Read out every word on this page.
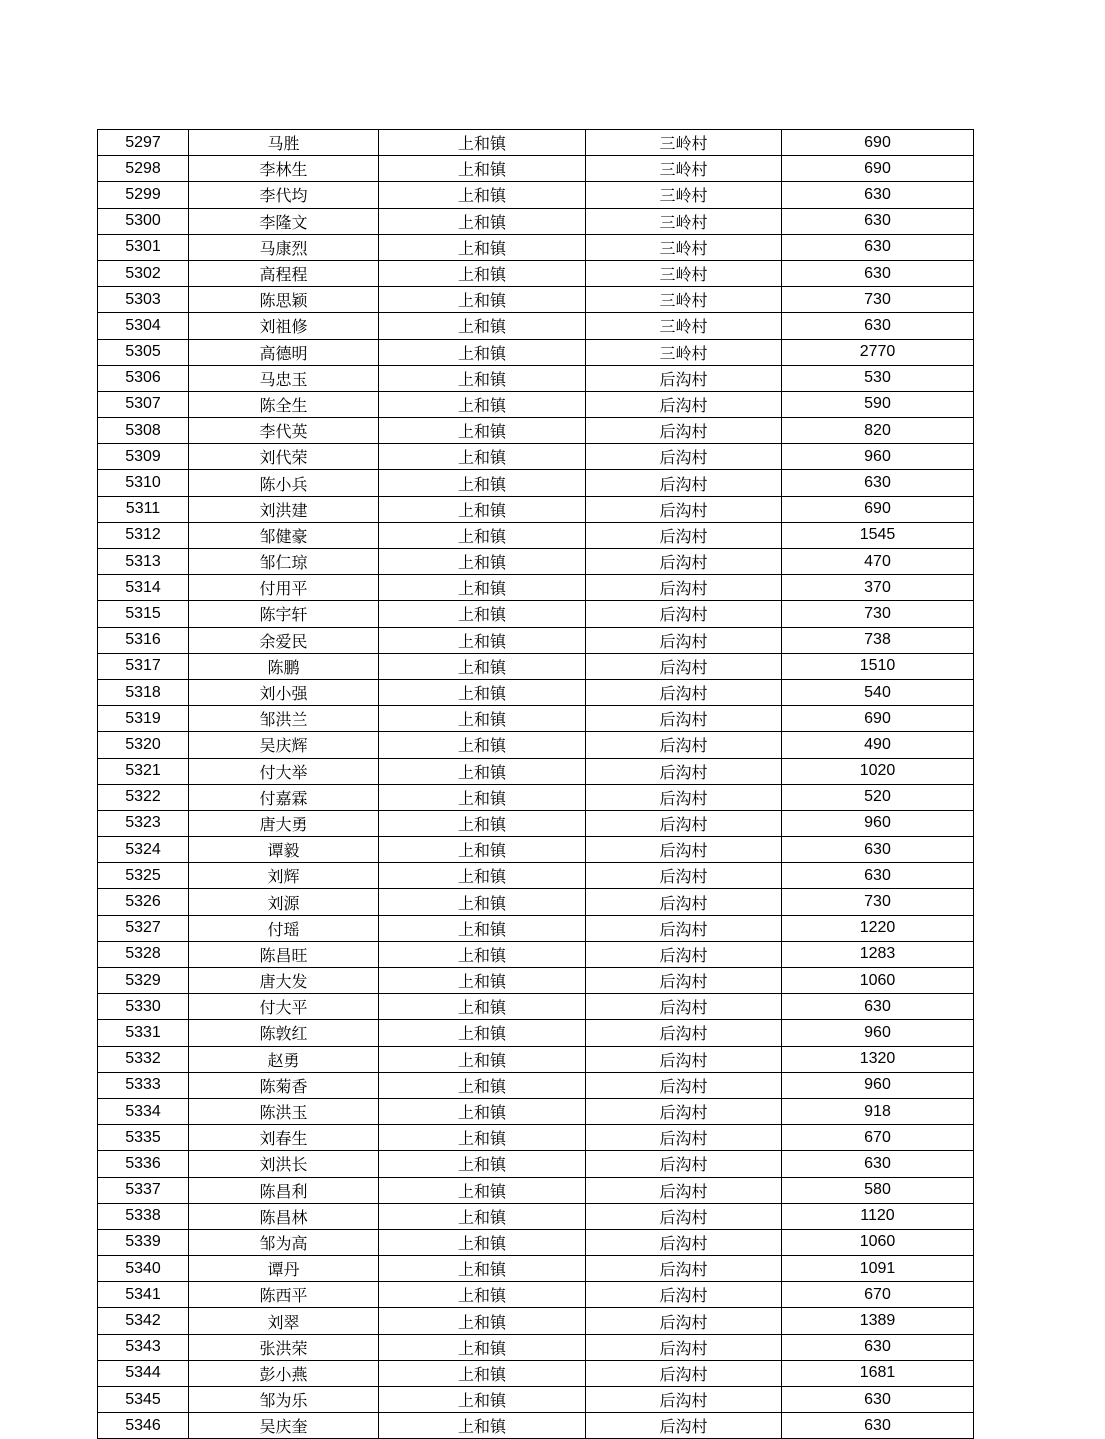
5297	马胜	上和镇	三岭村	690
5298	李林生	上和镇	三岭村	690
5299	李代均	上和镇	三岭村	630
5300	李隆文	上和镇	三岭村	630
5301	马康烈	上和镇	三岭村	630
5302	高程程	上和镇	三岭村	630
5303	陈思颖	上和镇	三岭村	730
5304	刘祖修	上和镇	三岭村	630
5305	高德明	上和镇	三岭村	2770
5306	马忠玉	上和镇	后沟村	530
5307	陈全生	上和镇	后沟村	590
5308	李代英	上和镇	后沟村	820
5309	刘代荣	上和镇	后沟村	960
5310	陈小兵	上和镇	后沟村	630
5311	刘洪建	上和镇	后沟村	690
5312	邹健豪	上和镇	后沟村	1545
5313	邹仁琼	上和镇	后沟村	470
5314	付用平	上和镇	后沟村	370
5315	陈宇轩	上和镇	后沟村	730
5316	余爱民	上和镇	后沟村	738
5317	陈鹏	上和镇	后沟村	1510
5318	刘小强	上和镇	后沟村	540
5319	邹洪兰	上和镇	后沟村	690
5320	吴庆辉	上和镇	后沟村	490
5321	付大举	上和镇	后沟村	1020
5322	付嘉霖	上和镇	后沟村	520
5323	唐大勇	上和镇	后沟村	960
5324	谭毅	上和镇	后沟村	630
5325	刘辉	上和镇	后沟村	630
5326	刘源	上和镇	后沟村	730
5327	付瑶	上和镇	后沟村	1220
5328	陈昌旺	上和镇	后沟村	1283
5329	唐大发	上和镇	后沟村	1060
5330	付大平	上和镇	后沟村	630
5331	陈敦红	上和镇	后沟村	960
5332	赵勇	上和镇	后沟村	1320
5333	陈菊香	上和镇	后沟村	960
5334	陈洪玉	上和镇	后沟村	918
5335	刘春生	上和镇	后沟村	670
5336	刘洪长	上和镇	后沟村	630
5337	陈昌利	上和镇	后沟村	580
5338	陈昌林	上和镇	后沟村	1120
5339	邹为高	上和镇	后沟村	1060
5340	谭丹	上和镇	后沟村	1091
5341	陈西平	上和镇	后沟村	670
5342	刘翠	上和镇	后沟村	1389
5343	张洪荣	上和镇	后沟村	630
5344	彭小燕	上和镇	后沟村	1681
5345	邹为乐	上和镇	后沟村	630
5346	吴庆奎	上和镇	后沟村	630
